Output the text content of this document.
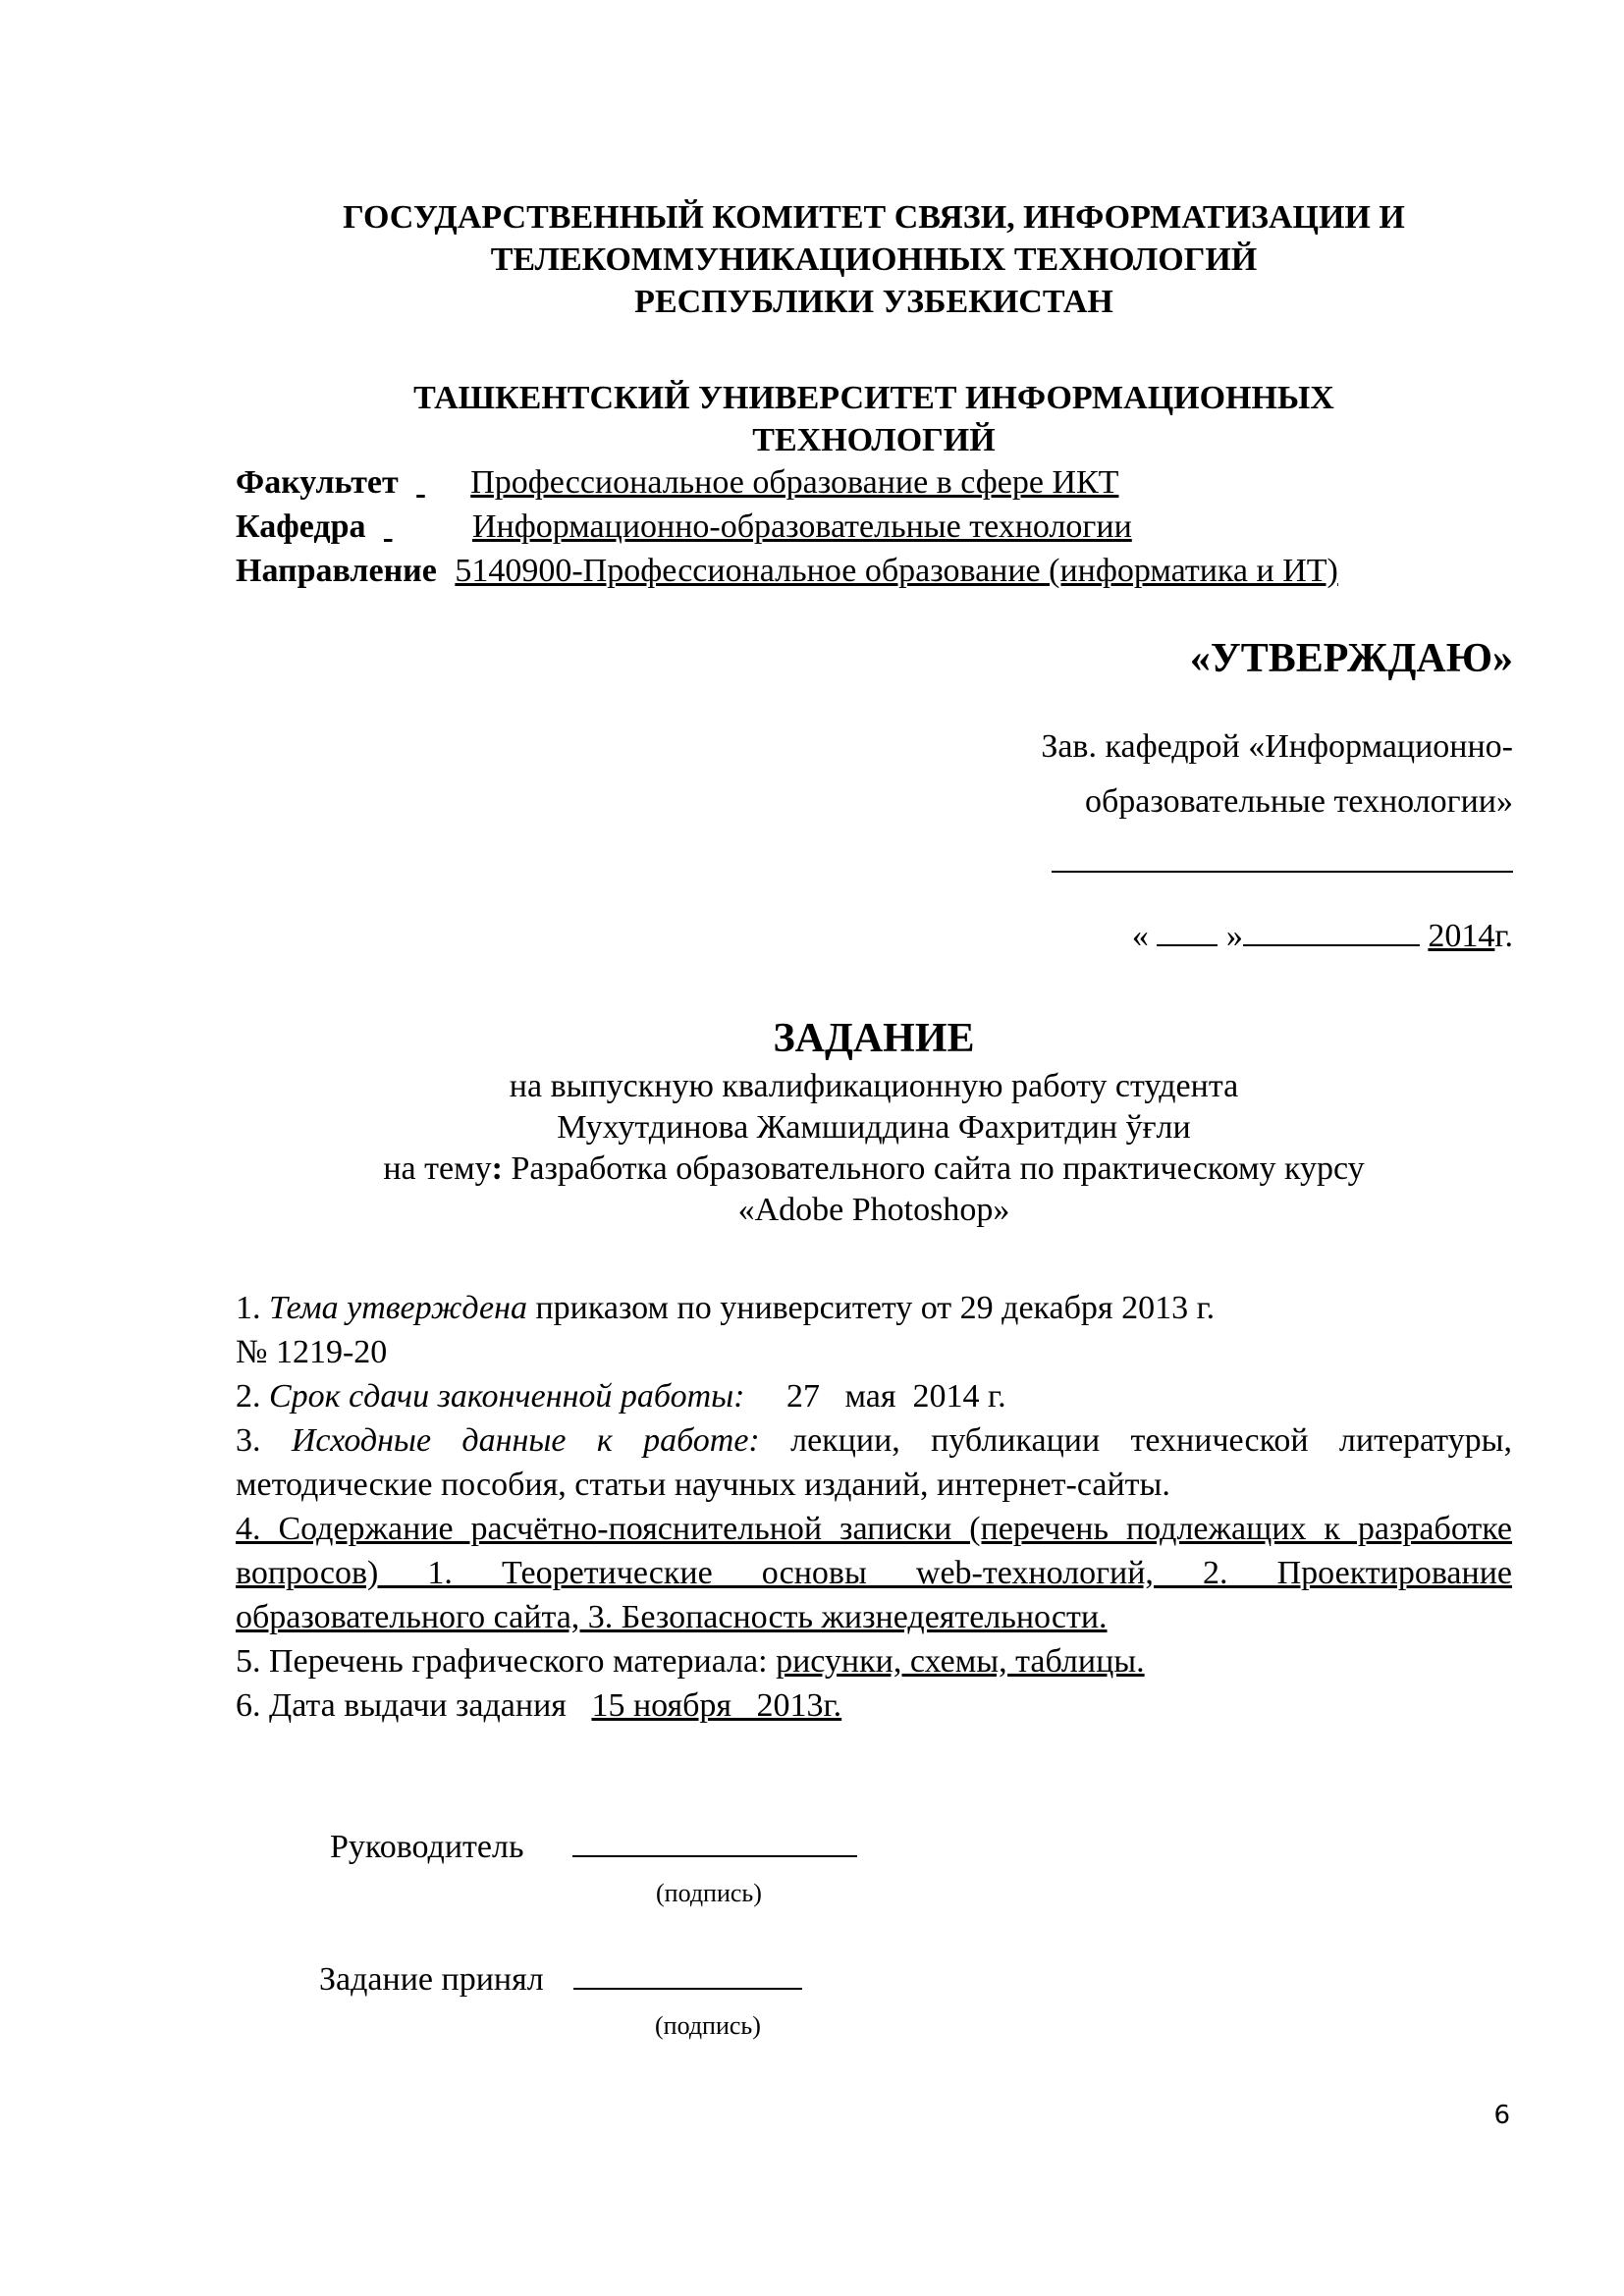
ГОСУДАРСТВЕННЫЙ КОМИТЕТ СВЯЗИ, ИНФОРМАТИЗАЦИИ И
ТЕЛЕКОММУНИКАЦИОННЫХ ТЕХНОЛОГИЙ
РЕСПУБЛИКИ УЗБЕКИСТАН
ТАШКЕНТСКИЙ УНИВЕРСИТЕТ ИНФОРМАЦИОННЫХ
ТЕХНОЛОГИЙ
Факультет Профессиональное образование в сфере ИКТ
Кафедра	Информационно-образовательные технологии
Направление 5140900-Профессиональное образование (информатика и ИТ)
«УТВЕРЖДАЮ»
Зав. кафедрой «Информационно-
образовательные технологии»
« »	2014г.
ЗАДАНИЕ
на выпускную квалификационную работу студента
Мухутдинова Жамшиддина Фахритдин ўғли
на тему: Разработка образовательного сайта по практическому курсу
«Adobe Photoshop»

1. Тема утверждена приказом по университету от 29 декабря 2013 г.

№ 1219-20

2. Срок сдачи законченной работы:     27   мая  2014 г.

3. Исходные данные к работе: лекции, публикации технической литературы, методические пособия, статьи научных изданий, интернет-сайты.

4. Содержание расчётно-пояснительной записки (перечень подлежащих к разработке вопросов) 1. Теоретические основы web-технологий, 2. Проектирование образовательного сайта, 3. Безопасность жизнедеятельности.

5. Перечень графического материала: рисунки, схемы, таблицы.

6. Дата выдачи задания   15 ноября   2013г.

Руководитель
(подпись)
Задание принял
(подпись)
6
